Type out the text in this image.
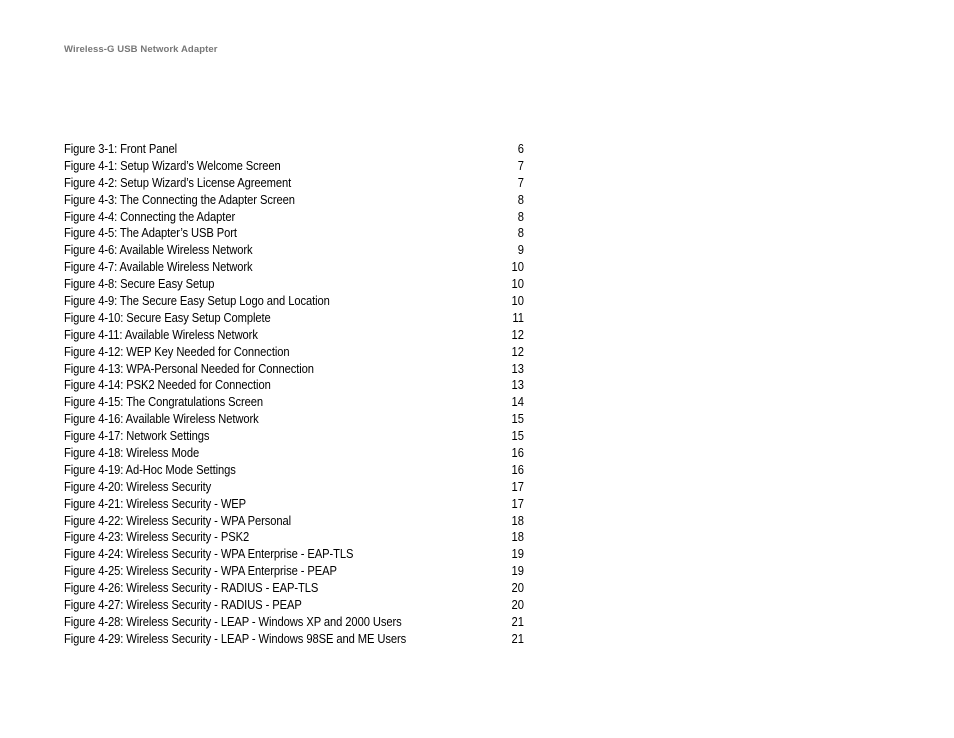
Wireless-G USB Network Adapter
Figure 3-1: Front Panel	6
Figure 4-1: Setup Wizard’s Welcome Screen	7
Figure 4-2: Setup Wizard’s License Agreement	7
Figure 4-3: The Connecting the Adapter Screen	8
Figure 4-4: Connecting the Adapter	8
Figure 4-5: The Adapter’s USB Port	8
Figure 4-6: Available Wireless Network	9
Figure 4-7: Available Wireless Network	10
Figure 4-8: Secure Easy Setup	10
Figure 4-9: The Secure Easy Setup Logo and Location	10
Figure 4-10: Secure Easy Setup Complete	11
Figure 4-11: Available Wireless Network	12
Figure 4-12: WEP Key Needed for Connection	12
Figure 4-13: WPA-Personal Needed for Connection	13
Figure 4-14: PSK2 Needed for Connection	13
Figure 4-15: The Congratulations Screen	14
Figure 4-16: Available Wireless Network	15
Figure 4-17: Network Settings	15
Figure 4-18: Wireless Mode	16
Figure 4-19: Ad-Hoc Mode Settings	16
Figure 4-20: Wireless Security	17
Figure 4-21: Wireless Security - WEP	17
Figure 4-22: Wireless Security - WPA Personal	18
Figure 4-23: Wireless Security - PSK2	18
Figure 4-24: Wireless Security - WPA Enterprise - EAP-TLS	19
Figure 4-25: Wireless Security - WPA Enterprise - PEAP	19
Figure 4-26: Wireless Security - RADIUS - EAP-TLS	20
Figure 4-27: Wireless Security - RADIUS - PEAP	20
Figure 4-28: Wireless Security - LEAP - Windows XP and 2000 Users	21
Figure 4-29: Wireless Security - LEAP - Windows 98SE and ME Users	21
